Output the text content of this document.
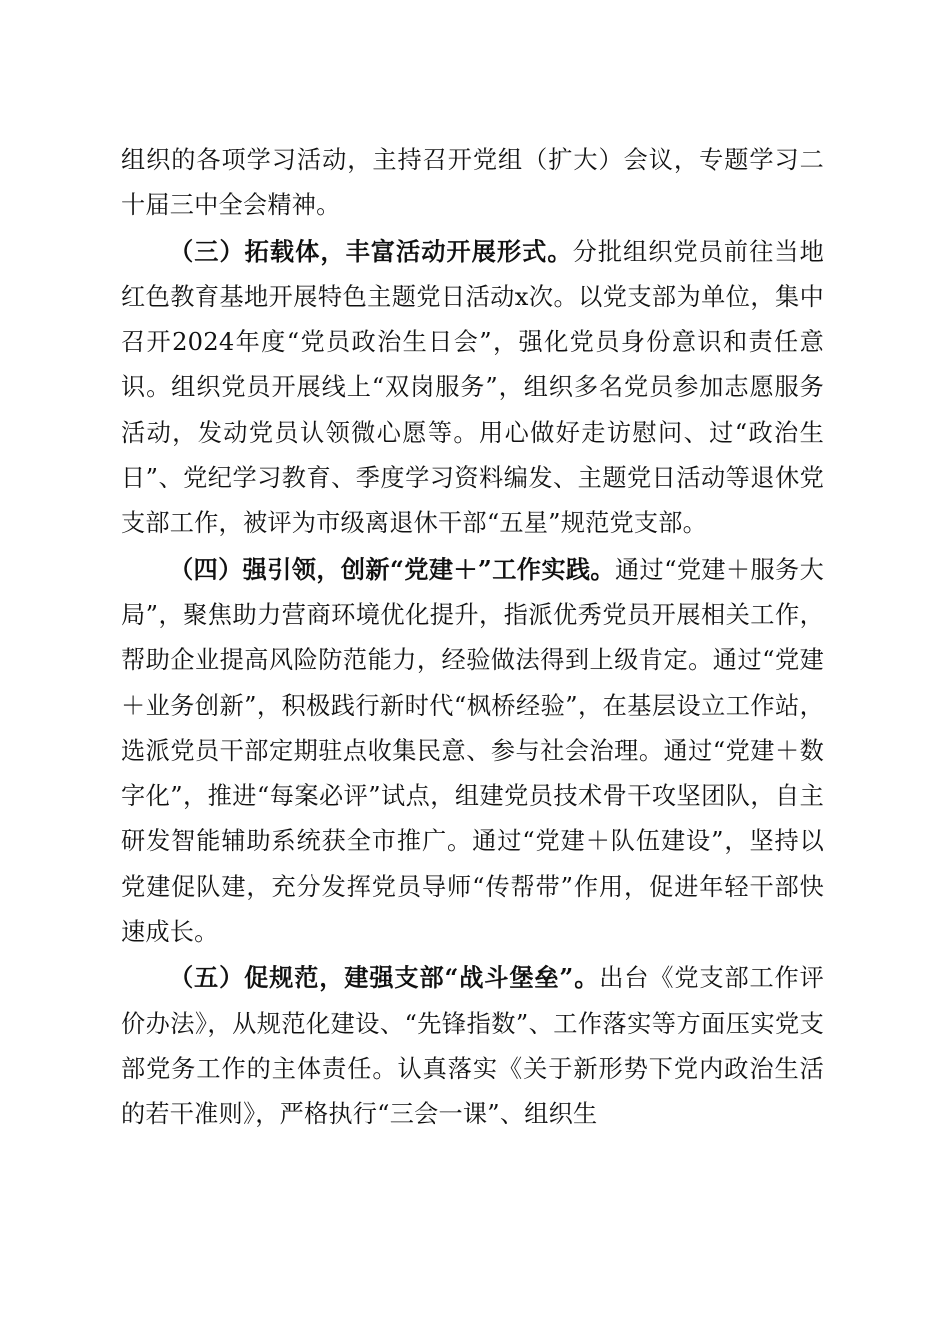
组织的各项学习活动，主持召开党组（扩大）会议，专题学习二十届三中全会精神。

（三）拓载体，丰富活动开展形式。分批组织党员前往当地红色教育基地开展特色主题党日活动x次。以党支部为单位，集中召开2024年度“党员政治生日会”，强化党员身份意识和责任意识。组织党员开展线上“双岗服务”，组织多名党员参加志愿服务活动，发动党员认领微心愿等。用心做好走访慰问、过“政治生日”、党纪学习教育、季度学习资料编发、主题党日活动等退休党支部工作，被评为市级离退休干部“五星”规范党支部。

（四）强引领，创新“党建＋”工作实践。通过“党建＋服务大局”，聚焦助力营商环境优化提升，指派优秀党员开展相关工作，帮助企业提高风险防范能力，经验做法得到上级肯定。通过“党建＋业务创新”，积极践行新时代“枫桥经验”，在基层设立工作站，选派党员干部定期驻点收集民意、参与社会治理。通过“党建＋数字化”，推进“每案必评”试点，组建党员技术骨干攻坚团队，自主研发智能辅助系统获全市推广。通过“党建＋队伍建设”，坚持以党建促队建，充分发挥党员导师“传帮带”作用，促进年轻干部快速成长。

（五）促规范，建强支部“战斗堡垒”。出台《党支部工作评价办法》，从规范化建设、“先锋指数”、工作落实等方面压实党支部党务工作的主体责任。认真落实《关于新形势下党内政治生活的若干准则》，严格执行“三会一课”、组织生
